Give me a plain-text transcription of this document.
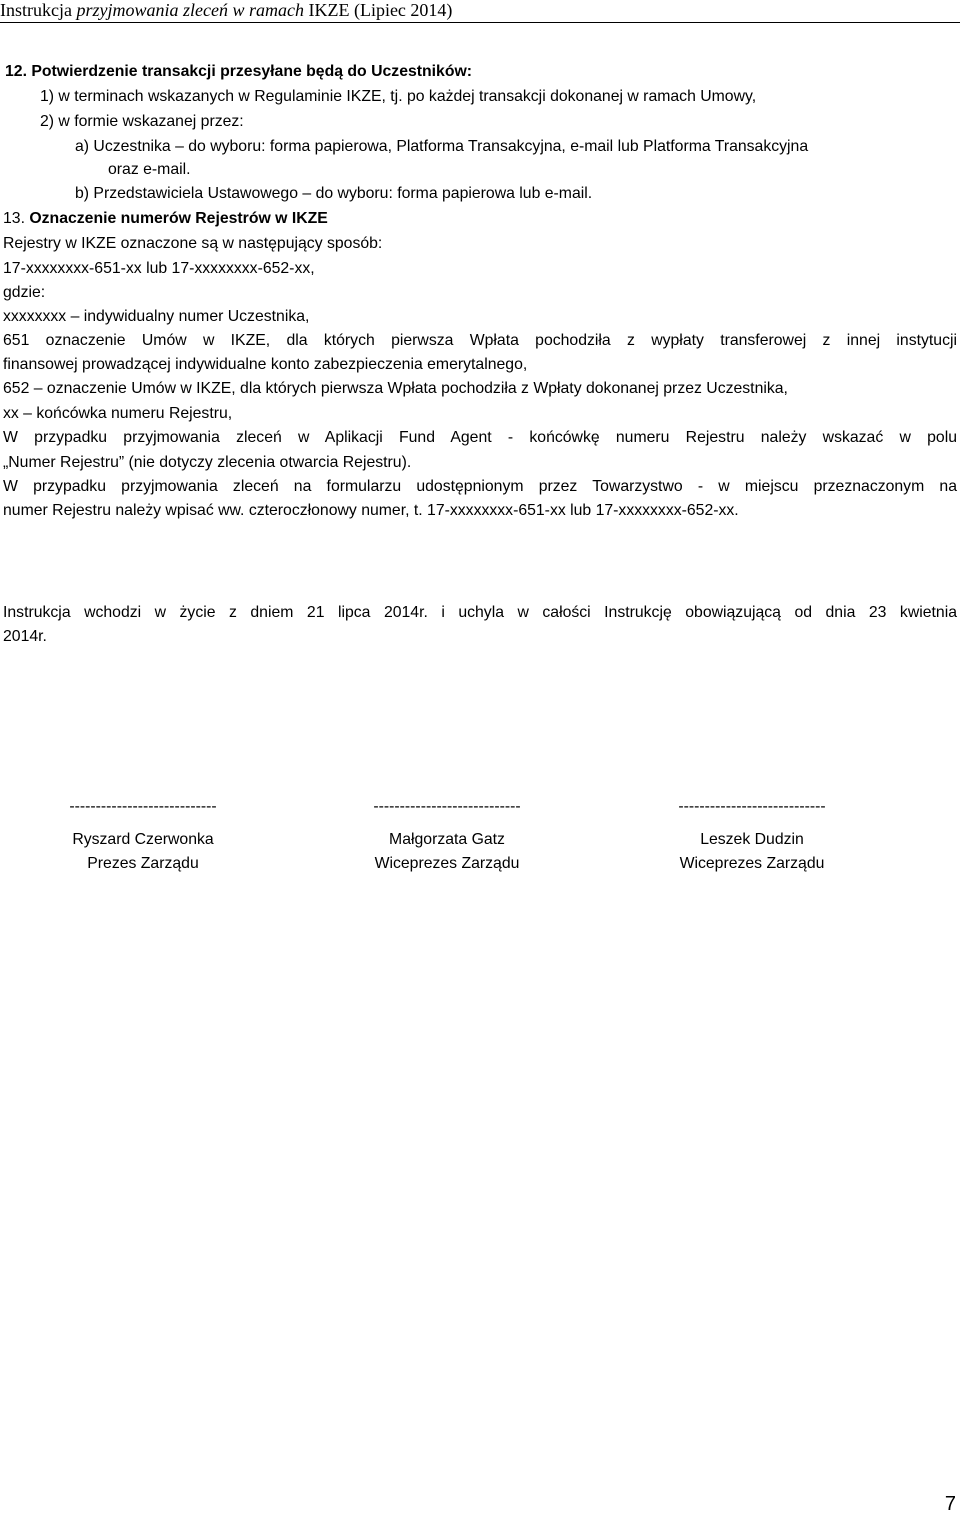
Instrukcja przyjmowania zleceń w ramach IKZE (Lipiec 2014)
12. Potwierdzenie transakcji przesyłane będą do Uczestników:
1) w terminach wskazanych w Regulaminie IKZE, tj. po każdej transakcji dokonanej w ramach Umowy,
2) w formie wskazanej przez:
a) Uczestnika – do wyboru: forma papierowa, Platforma Transakcyjna, e-mail lub Platforma Transakcyjna
oraz e-mail.
b) Przedstawiciela Ustawowego – do wyboru: forma papierowa lub e-mail.
13. Oznaczenie numerów Rejestrów w IKZE
Rejestry w IKZE oznaczone są w następujący sposób:
17-xxxxxxxx-651-xx lub 17-xxxxxxxx-652-xx,
gdzie:
xxxxxxxx – indywidualny numer Uczestnika,
651 oznaczenie Umów w IKZE, dla których pierwsza Wpłata pochodziła z wypłaty transferowej z innej instytucji
finansowej prowadzącej indywidualne konto zabezpieczenia emerytalnego,
652 – oznaczenie Umów w IKZE, dla których pierwsza Wpłata pochodziła z Wpłaty dokonanej przez Uczestnika,
xx – końcówka numeru Rejestru,
W przypadku przyjmowania zleceń w Aplikacji Fund Agent - końcówkę numeru Rejestru należy wskazać w polu
„Numer Rejestru” (nie dotyczy zlecenia otwarcia Rejestru).
W przypadku przyjmowania zleceń na formularzu udostępnionym przez Towarzystwo - w miejscu przeznaczonym na
numer Rejestru należy wpisać ww. czteroczłonowy numer, t. 17-xxxxxxxx-651-xx lub 17-xxxxxxxx-652-xx.
Instrukcja wchodzi w życie z dniem 21 lipca 2014r. i uchyla w całości Instrukcję obowiązującą od dnia 23 kwietnia
2014r.
----------------------------
Ryszard Czerwonka
Prezes Zarządu
----------------------------
Małgorzata Gatz
Wiceprezes Zarządu
----------------------------
Leszek Dudzin
Wiceprezes Zarządu
7
